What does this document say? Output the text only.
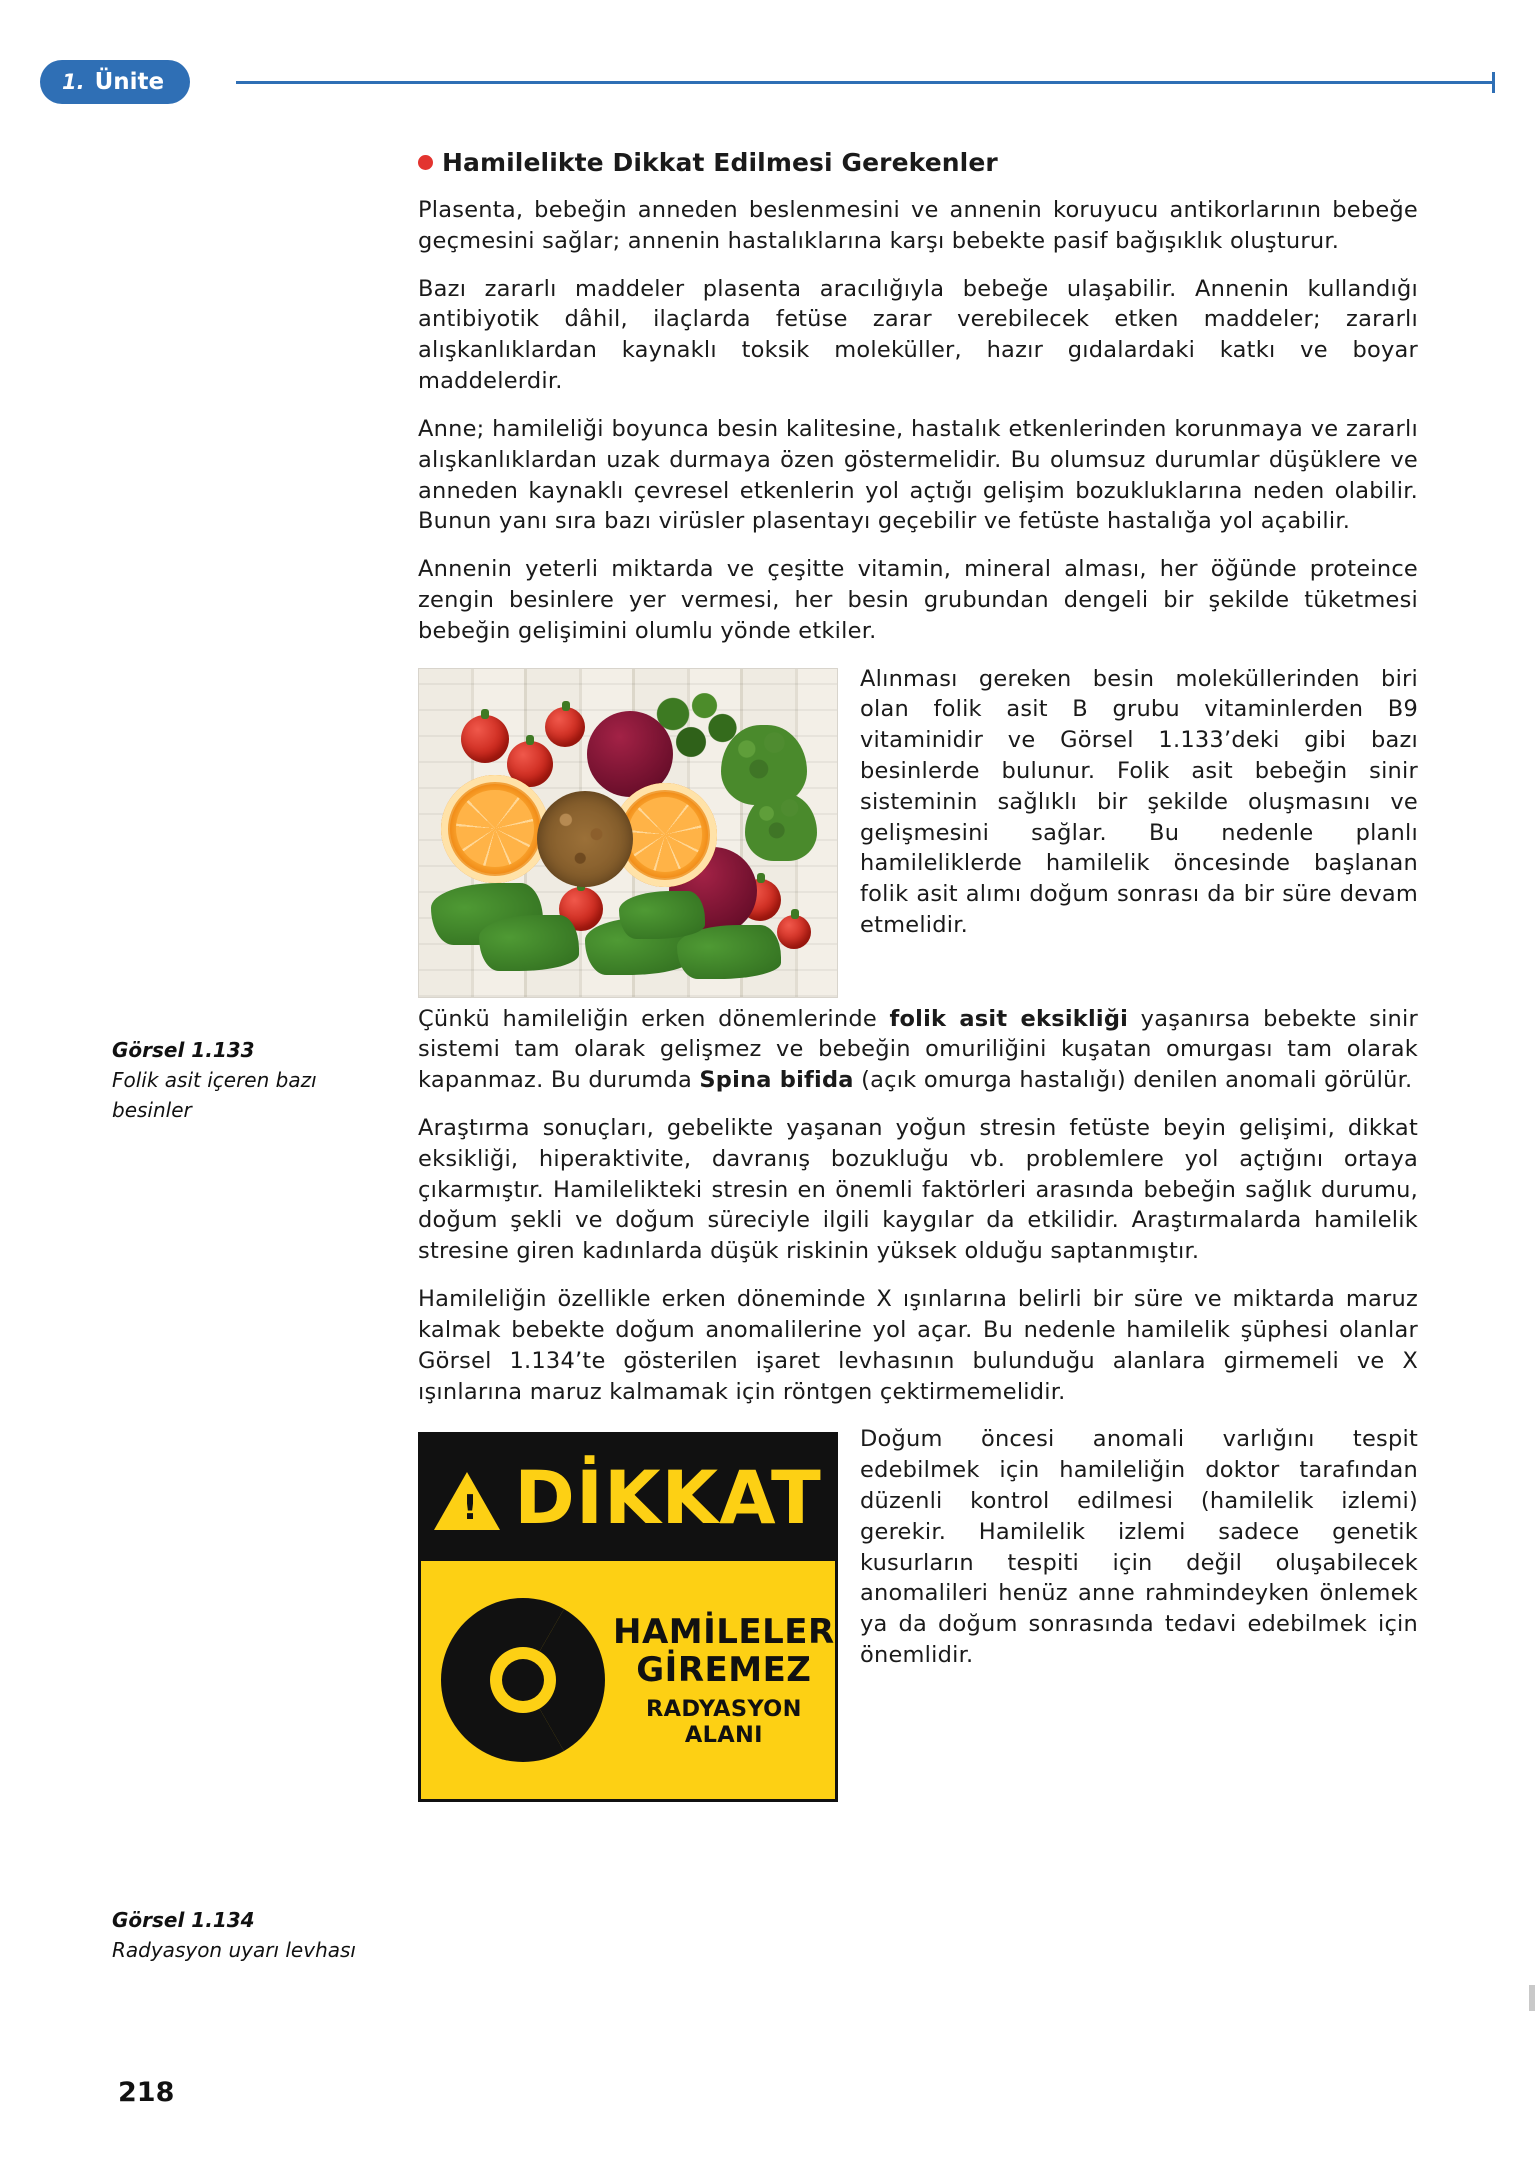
1. Ünite
Görsel 1.133
Folik asit içeren bazı besinler
Görsel 1.134
Radyasyon uyarı levhası
Hamilelikte Dikkat Edilmesi Gerekenler

Plasenta, bebeğin anneden beslenmesini ve annenin koruyucu antikorlarının bebeğe geçmesini sağlar; annenin hastalıklarına karşı bebekte pasif bağışıklık oluşturur.

Bazı zararlı maddeler plasenta aracılığıyla bebeğe ulaşabilir. Annenin kullandığı antibiyotik dâhil, ilaçlarda fetüse zarar verebilecek etken maddeler; zararlı alışkanlıklardan kaynaklı toksik moleküller, hazır gıdalardaki katkı ve boyar maddelerdir.

Anne; hamileliği boyunca besin kalitesine, hastalık etkenlerinden korunmaya ve zararlı alışkanlıklardan uzak durmaya özen göstermelidir. Bu olumsuz durumlar düşüklere ve anneden kaynaklı çevresel etkenlerin yol açtığı gelişim bozukluklarına neden olabilir. Bunun yanı sıra bazı virüsler plasentayı geçebilir ve fetüste hastalığa yol açabilir.

Annenin yeterli miktarda ve çeşitte vitamin, mineral alması, her öğünde proteince zengin besinlere yer vermesi, her besin grubundan dengeli bir şekilde tüketmesi bebeğin gelişimini olumlu yönde etkiler.

Alınması gereken besin moleküllerinden biri olan folik asit B grubu vitaminlerden B9 vitaminidir ve Görsel 1.133’deki gibi bazı besinlerde bulunur. Folik asit bebeğin sinir sisteminin sağlıklı bir şekilde oluşmasını ve gelişmesini sağlar. Bu nedenle planlı hamileliklerde hamilelik öncesinde başlanan folik asit alımı doğum sonrası da bir süre devam etmelidir.

Çünkü hamileliğin erken dönemlerinde folik asit eksikliği yaşanırsa bebekte sinir sistemi tam olarak gelişmez ve bebeğin omuriliğini kuşatan omurgası tam olarak kapanmaz. Bu durumda Spina bifida (açık omurga hastalığı) denilen anomali görülür.

Araştırma sonuçları, gebelikte yaşanan yoğun stresin fetüste beyin gelişimi, dikkat eksikliği, hiperaktivite, davranış bozukluğu vb. problemlere yol açtığını ortaya çıkarmıştır. Hamilelikteki stresin en önemli faktörleri arasında bebeğin sağlık durumu, doğum şekli ve doğum süreciyle ilgili kaygılar da etkilidir. Araştırmalarda hamilelik stresine giren kadınlarda düşük riskinin yüksek olduğu saptanmıştır.

Hamileliğin özellikle erken döneminde X ışınlarına belirli bir süre ve miktarda maruz kalmak bebekte doğum anomalilerine yol açar. Bu nedenle hamilelik şüphesi olanlar Görsel 1.134’te gösterilen işaret levhasının bulunduğu alanlara girmemeli ve X ışınlarına maruz kalmamak için röntgen çektirmemelidir.

!
DİKKAT
HAMİLELER
GİREMEZ
RADYASYON ALANI

Doğum öncesi anomali varlığını tespit edebilmek için hamileliğin doktor tarafından düzenli kontrol edilmesi (hamilelik izlemi) gerekir. Hamilelik izlemi sadece genetik kusurların tespiti için değil oluşabilecek anomalileri henüz anne rahmindeyken önlemek ya da doğum sonrasında tedavi edebilmek için önemlidir.

218
